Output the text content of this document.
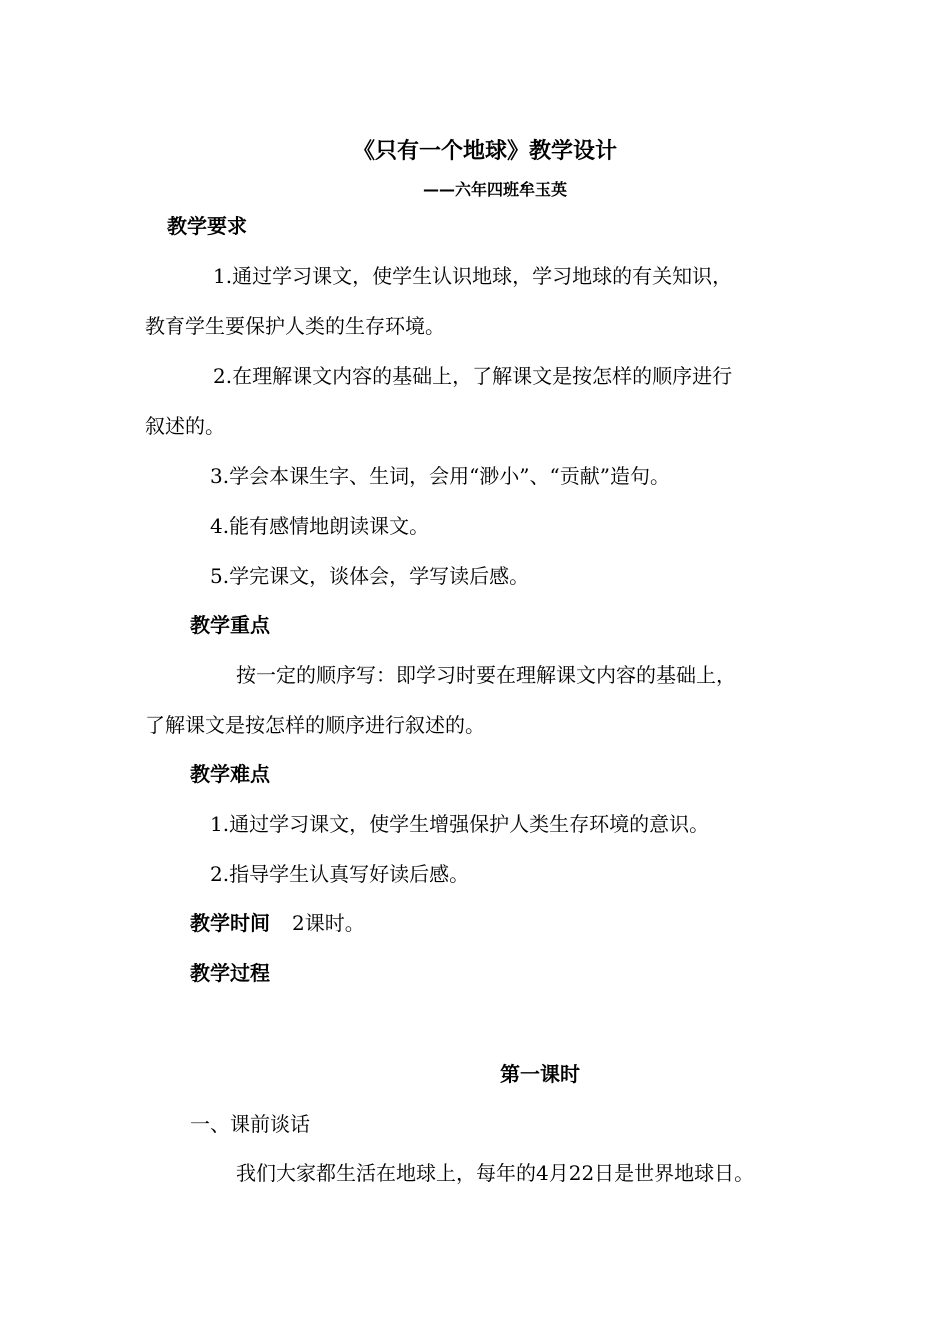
《只有一个地球》教学设计
——六年四班牟玉英
教学要求
1.通过学习课文，使学生认识地球，学习地球的有关知识，
教育学生要保护人类的生存环境。
2.在理解课文内容的基础上，了解课文是按怎样的顺序进行
叙述的。
3.学会本课生字、生词，会用“渺小”、“贡献”造句。
4.能有感情地朗读课文。
5.学完课文，谈体会，学写读后感。
教学重点
按一定的顺序写：即学习时要在理解课文内容的基础上，
了解课文是按怎样的顺序进行叙述的。
教学难点
1.通过学习课文，使学生增强保护人类生存环境的意识。
2.指导学生认真写好读后感。
教学时间 2课时。
教学过程
第一课时
一、课前谈话
我们大家都生活在地球上，每年的4月22日是世界地球日。
